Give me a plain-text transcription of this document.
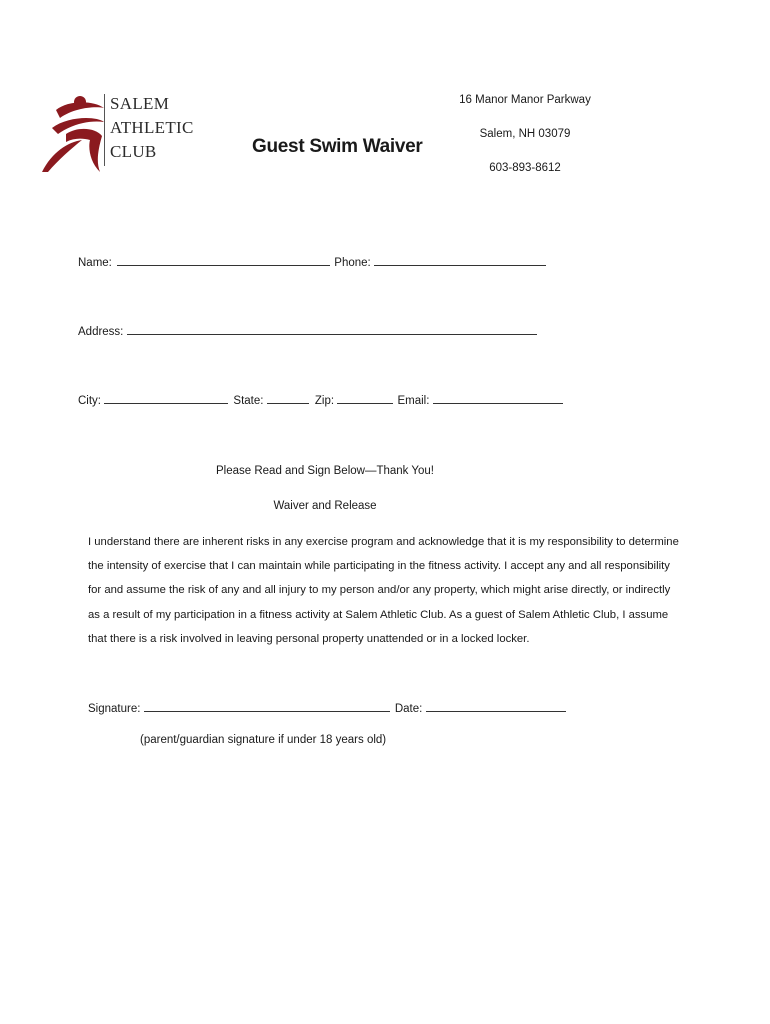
SALEM
ATHLETIC
CLUB	Guest Swim Waiver
16 Manor Manor Parkway
Salem, NH 03079
603-893-8612
Name:	Phone:
Address:
City:	State:	Zip:	Email:
Please Read and Sign Below—Thank You!
Waiver and Release

I understand there are inherent risks in any exercise program and acknowledge that it is my responsibility to determine

the intensity of exercise that I can maintain while participating in the fitness activity. I accept any and all responsibility

for and assume the risk of any and all injury to my person and/or any property, which might arise directly, or indirectly

as a result of my participation in a fitness activity at Salem Athletic Club. As a guest of Salem Athletic Club, I assume

that there is a risk involved in leaving personal property unattended or in a locked locker.

Signature:	Date:
(parent/guardian signature if under 18 years old)
